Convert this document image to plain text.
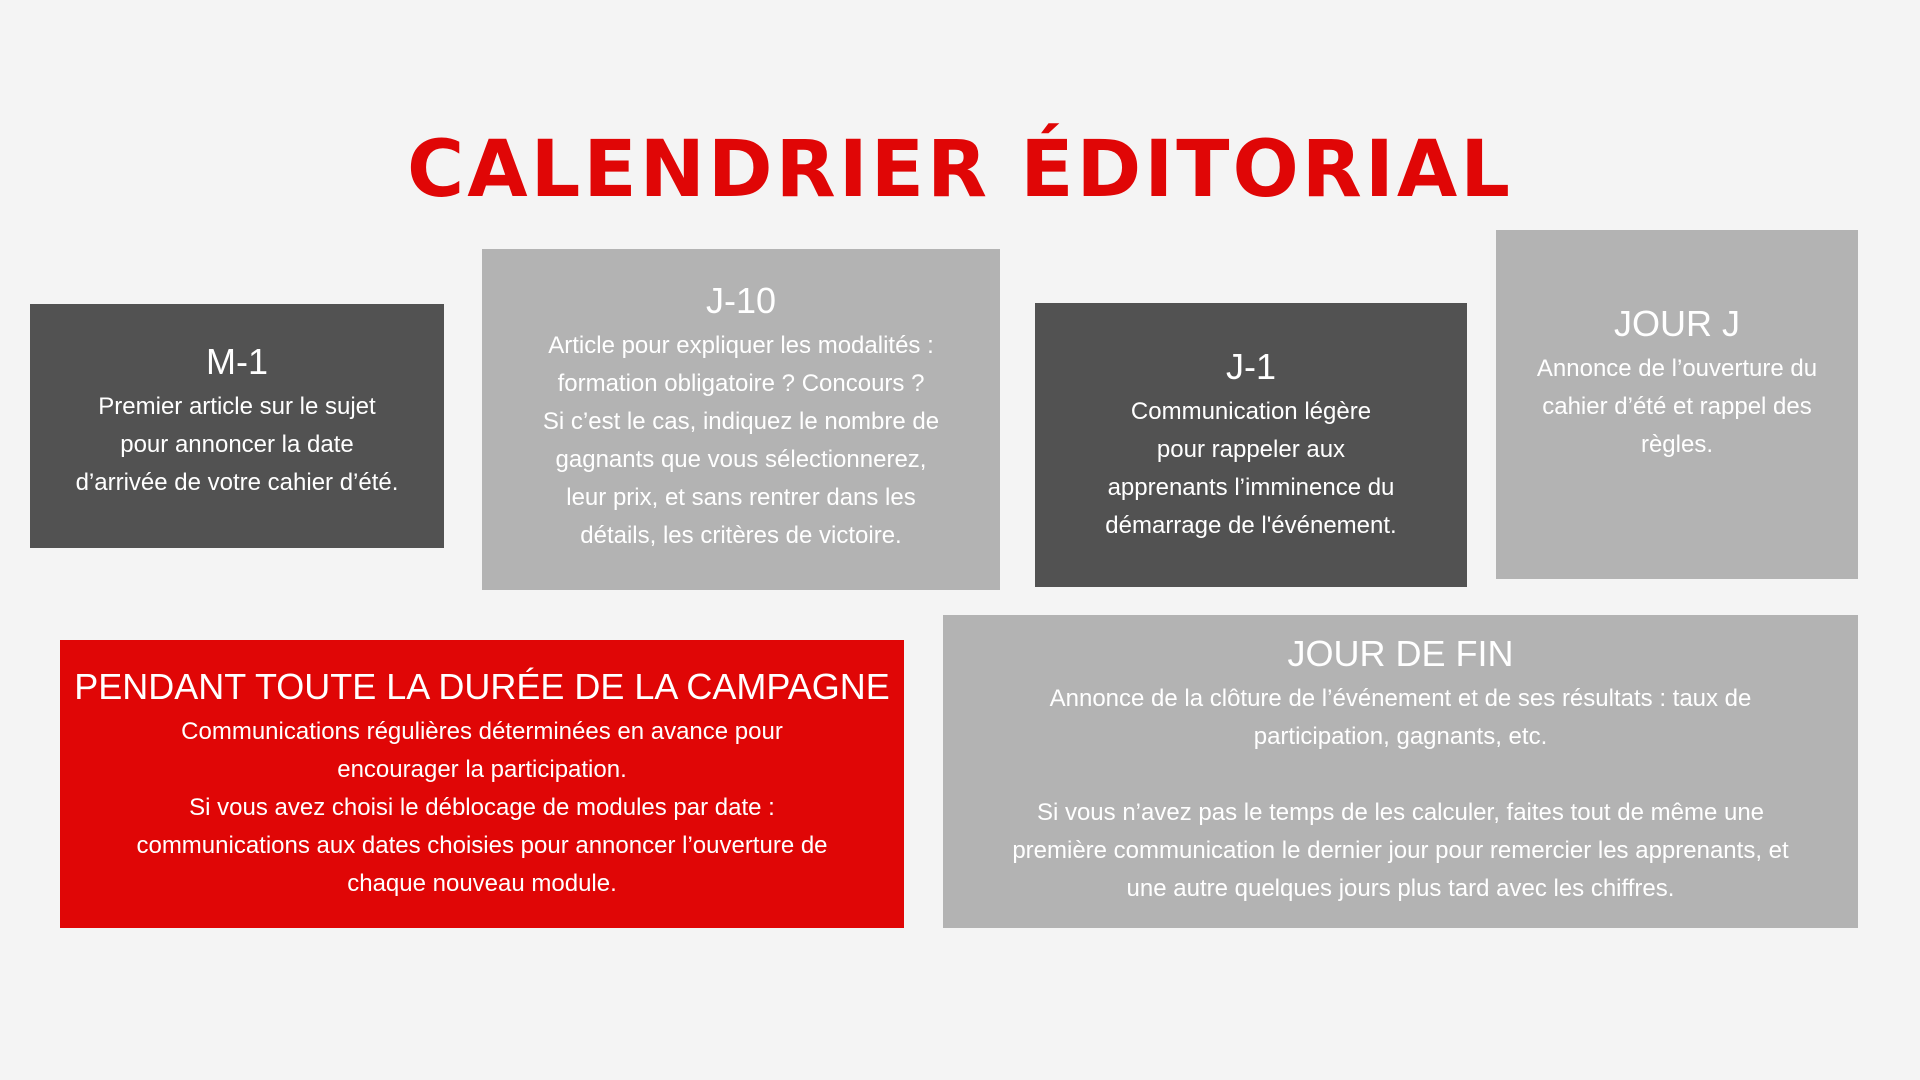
CALENDRIER ÉDITORIAL
M-1
Premier article sur le sujet
pour annoncer la date
d’arrivée de votre cahier d’été.
J-10
Article pour expliquer les modalités :
formation obligatoire ? Concours ?
Si c’est le cas, indiquez le nombre de
gagnants que vous sélectionnerez,
leur prix, et sans rentrer dans les
détails, les critères de victoire.
J-1
Communication légère
pour rappeler aux
apprenants l’imminence du
démarrage de l'événement.
JOUR J
Annonce de l’ouverture du
cahier d’été et rappel des
règles.
PENDANT TOUTE LA DURÉE DE LA CAMPAGNE
Communications régulières déterminées en avance pour
encourager la participation.
Si vous avez choisi le déblocage de modules par date :
communications aux dates choisies pour annoncer l’ouverture de
chaque nouveau module.
JOUR DE FIN
Annonce de la clôture de l’événement et de ses résultats : taux de
participation, gagnants, etc.
Si vous n’avez pas le temps de les calculer, faites tout de même une
première communication le dernier jour pour remercier les apprenants, et
une autre quelques jours plus tard avec les chiffres.
